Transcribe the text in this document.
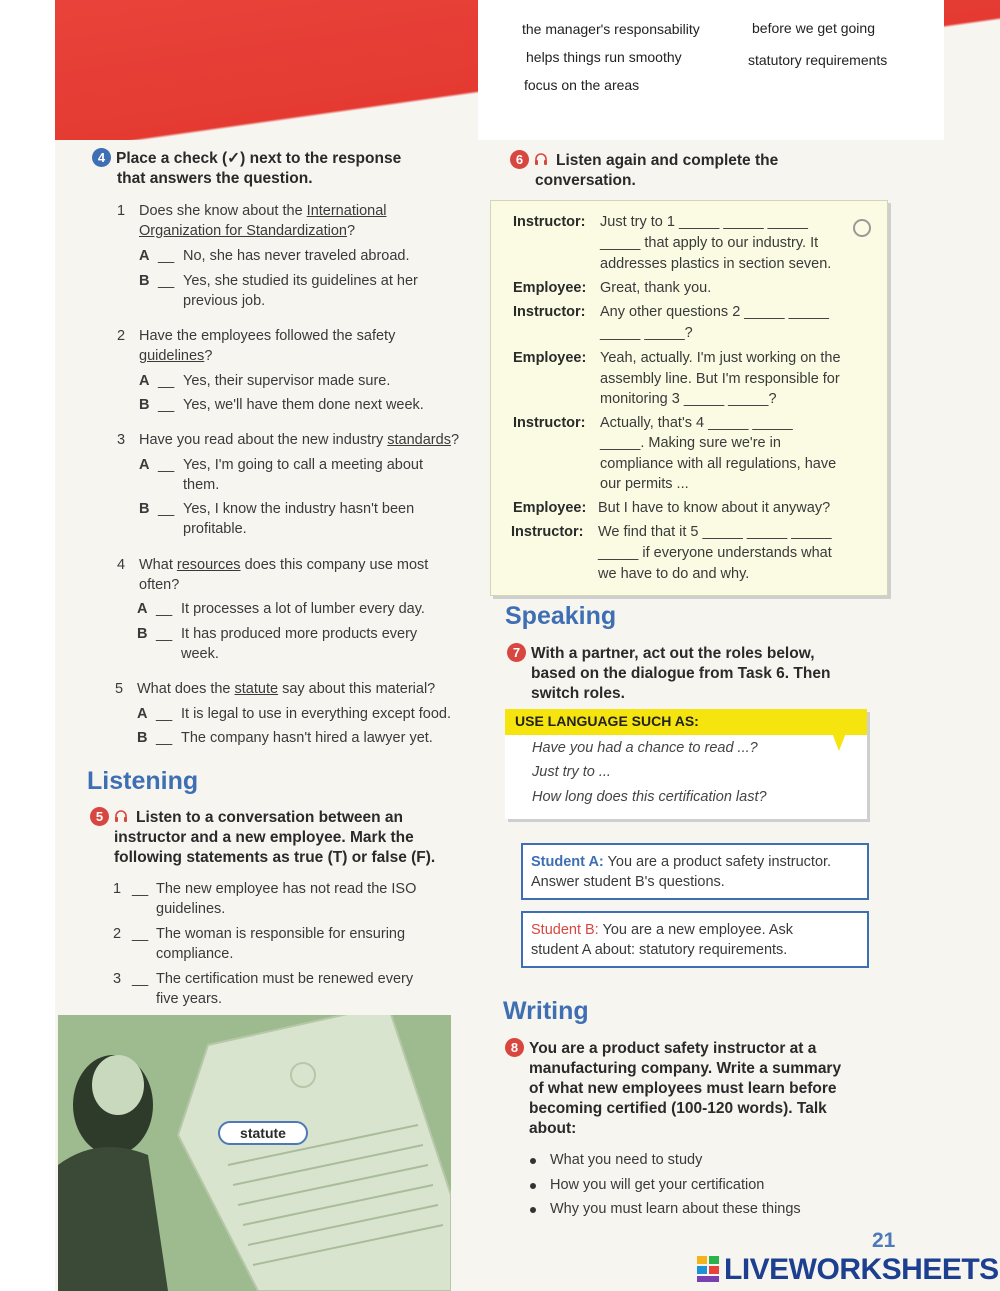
the manager's responsability	before we get going
helps things run smoothy	statutory requirements
focus on the areas
4 Place a check (✓) next to the response
that answers the question.
1 Does she know about the International
Organization for Standardization?
A __ No, she has never traveled abroad.
B __ Yes, she studied its guidelines at her
previous job.
2 Have the employees followed the safety
guidelines?
A __ Yes, their supervisor made sure.
B __ Yes, we'll have them done next week.
3 Have you read about the new industry standards?
A __ Yes, I'm going to call a meeting about
them.
B __ Yes, I know the industry hasn't been
profitable.
4 What resources does this company use most
often?
A __ It processes a lot of lumber every day.
B __ It has produced more products every
week.
5 What does the statute say about this material?
A __ It is legal to use in everything except food.
B __ The company hasn't hired a lawyer yet.
Listening
5 Listen to a conversation between an
instructor and a new employee. Mark the
following statements as true (T) or false (F).
1 __ The new employee has not read the ISO
guidelines.
2 __ The woman is responsible for ensuring
compliance.
3 __ The certification must be renewed every
five years.
statute
6 Listen again and complete the
conversation.
Instructor: Just try to 1 _____ _____ _____
_____ that apply to our industry. It
addresses plastics in section seven.
Employee: Great, thank you.
Instructor: Any other questions 2 _____ _____
_____ _____?
Employee: Yeah, actually. I'm just working on the
assembly line. But I'm responsible for
monitoring 3 _____ _____?
Instructor: Actually, that's 4 _____ _____
_____. Making sure we're in
compliance with all regulations, have
our permits ...
Employee: But I have to know about it anyway?
Instructor: We find that it 5 _____ _____ _____
_____ if everyone understands what
we have to do and why.
Speaking
7 With a partner, act out the roles below,
based on the dialogue from Task 6. Then
switch roles.
USE LANGUAGE SUCH AS:
Have you had a chance to read ...?
Just try to ...
How long does this certification last?
Student A: You are a product safety instructor.
Answer student B's questions.
Student B: You are a new employee. Ask
student A about: statutory requirements.
Writing
8 You are a product safety instructor at a
manufacturing company. Write a summary
of what new employees must learn before
becoming certified (100-120 words). Talk
about:
What you need to study
How you will get your certification
Why you must learn about these things
21
LIVEWORKSHEETS
